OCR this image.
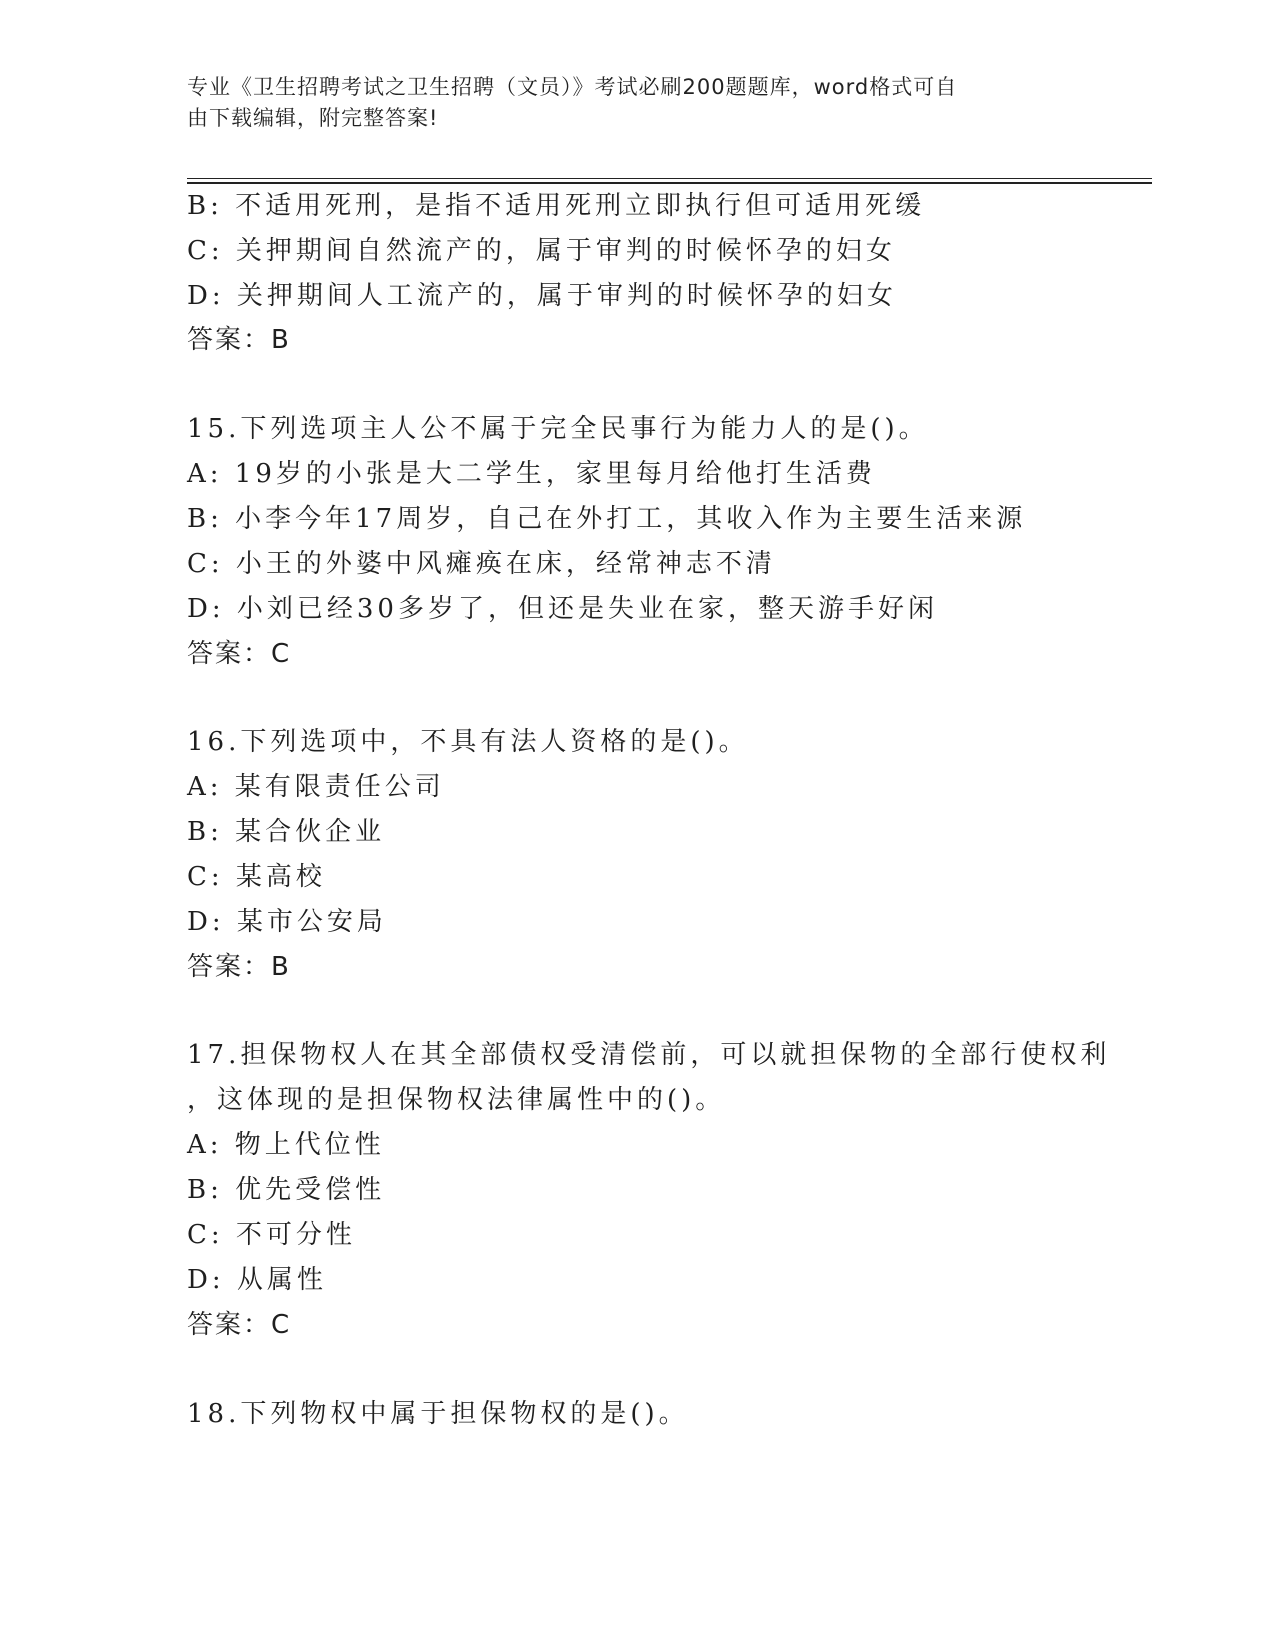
专业《卫生招聘考试之卫生招聘（文员）》考试必刷200题题库，word格式可自
由下载编辑，附完整答案!
B: 不适用死刑，是指不适用死刑立即执行但可适用死缓
C: 关押期间自然流产的，属于审判的时候怀孕的妇女
D: 关押期间人工流产的，属于审判的时候怀孕的妇女
答案：B
15.下列选项主人公不属于完全民事行为能力人的是()。
A: 19岁的小张是大二学生，家里每月给他打生活费
B: 小李今年17周岁，自己在外打工，其收入作为主要生活来源
C: 小王的外婆中风瘫痪在床，经常神志不清
D: 小刘已经30多岁了，但还是失业在家，整天游手好闲
答案：C
16.下列选项中，不具有法人资格的是()。
A: 某有限责任公司
B: 某合伙企业
C: 某高校
D: 某市公安局
答案：B
17.担保物权人在其全部债权受清偿前，可以就担保物的全部行使权利
，这体现的是担保物权法律属性中的()。
A: 物上代位性
B: 优先受偿性
C: 不可分性
D: 从属性
答案：C
18.下列物权中属于担保物权的是()。
